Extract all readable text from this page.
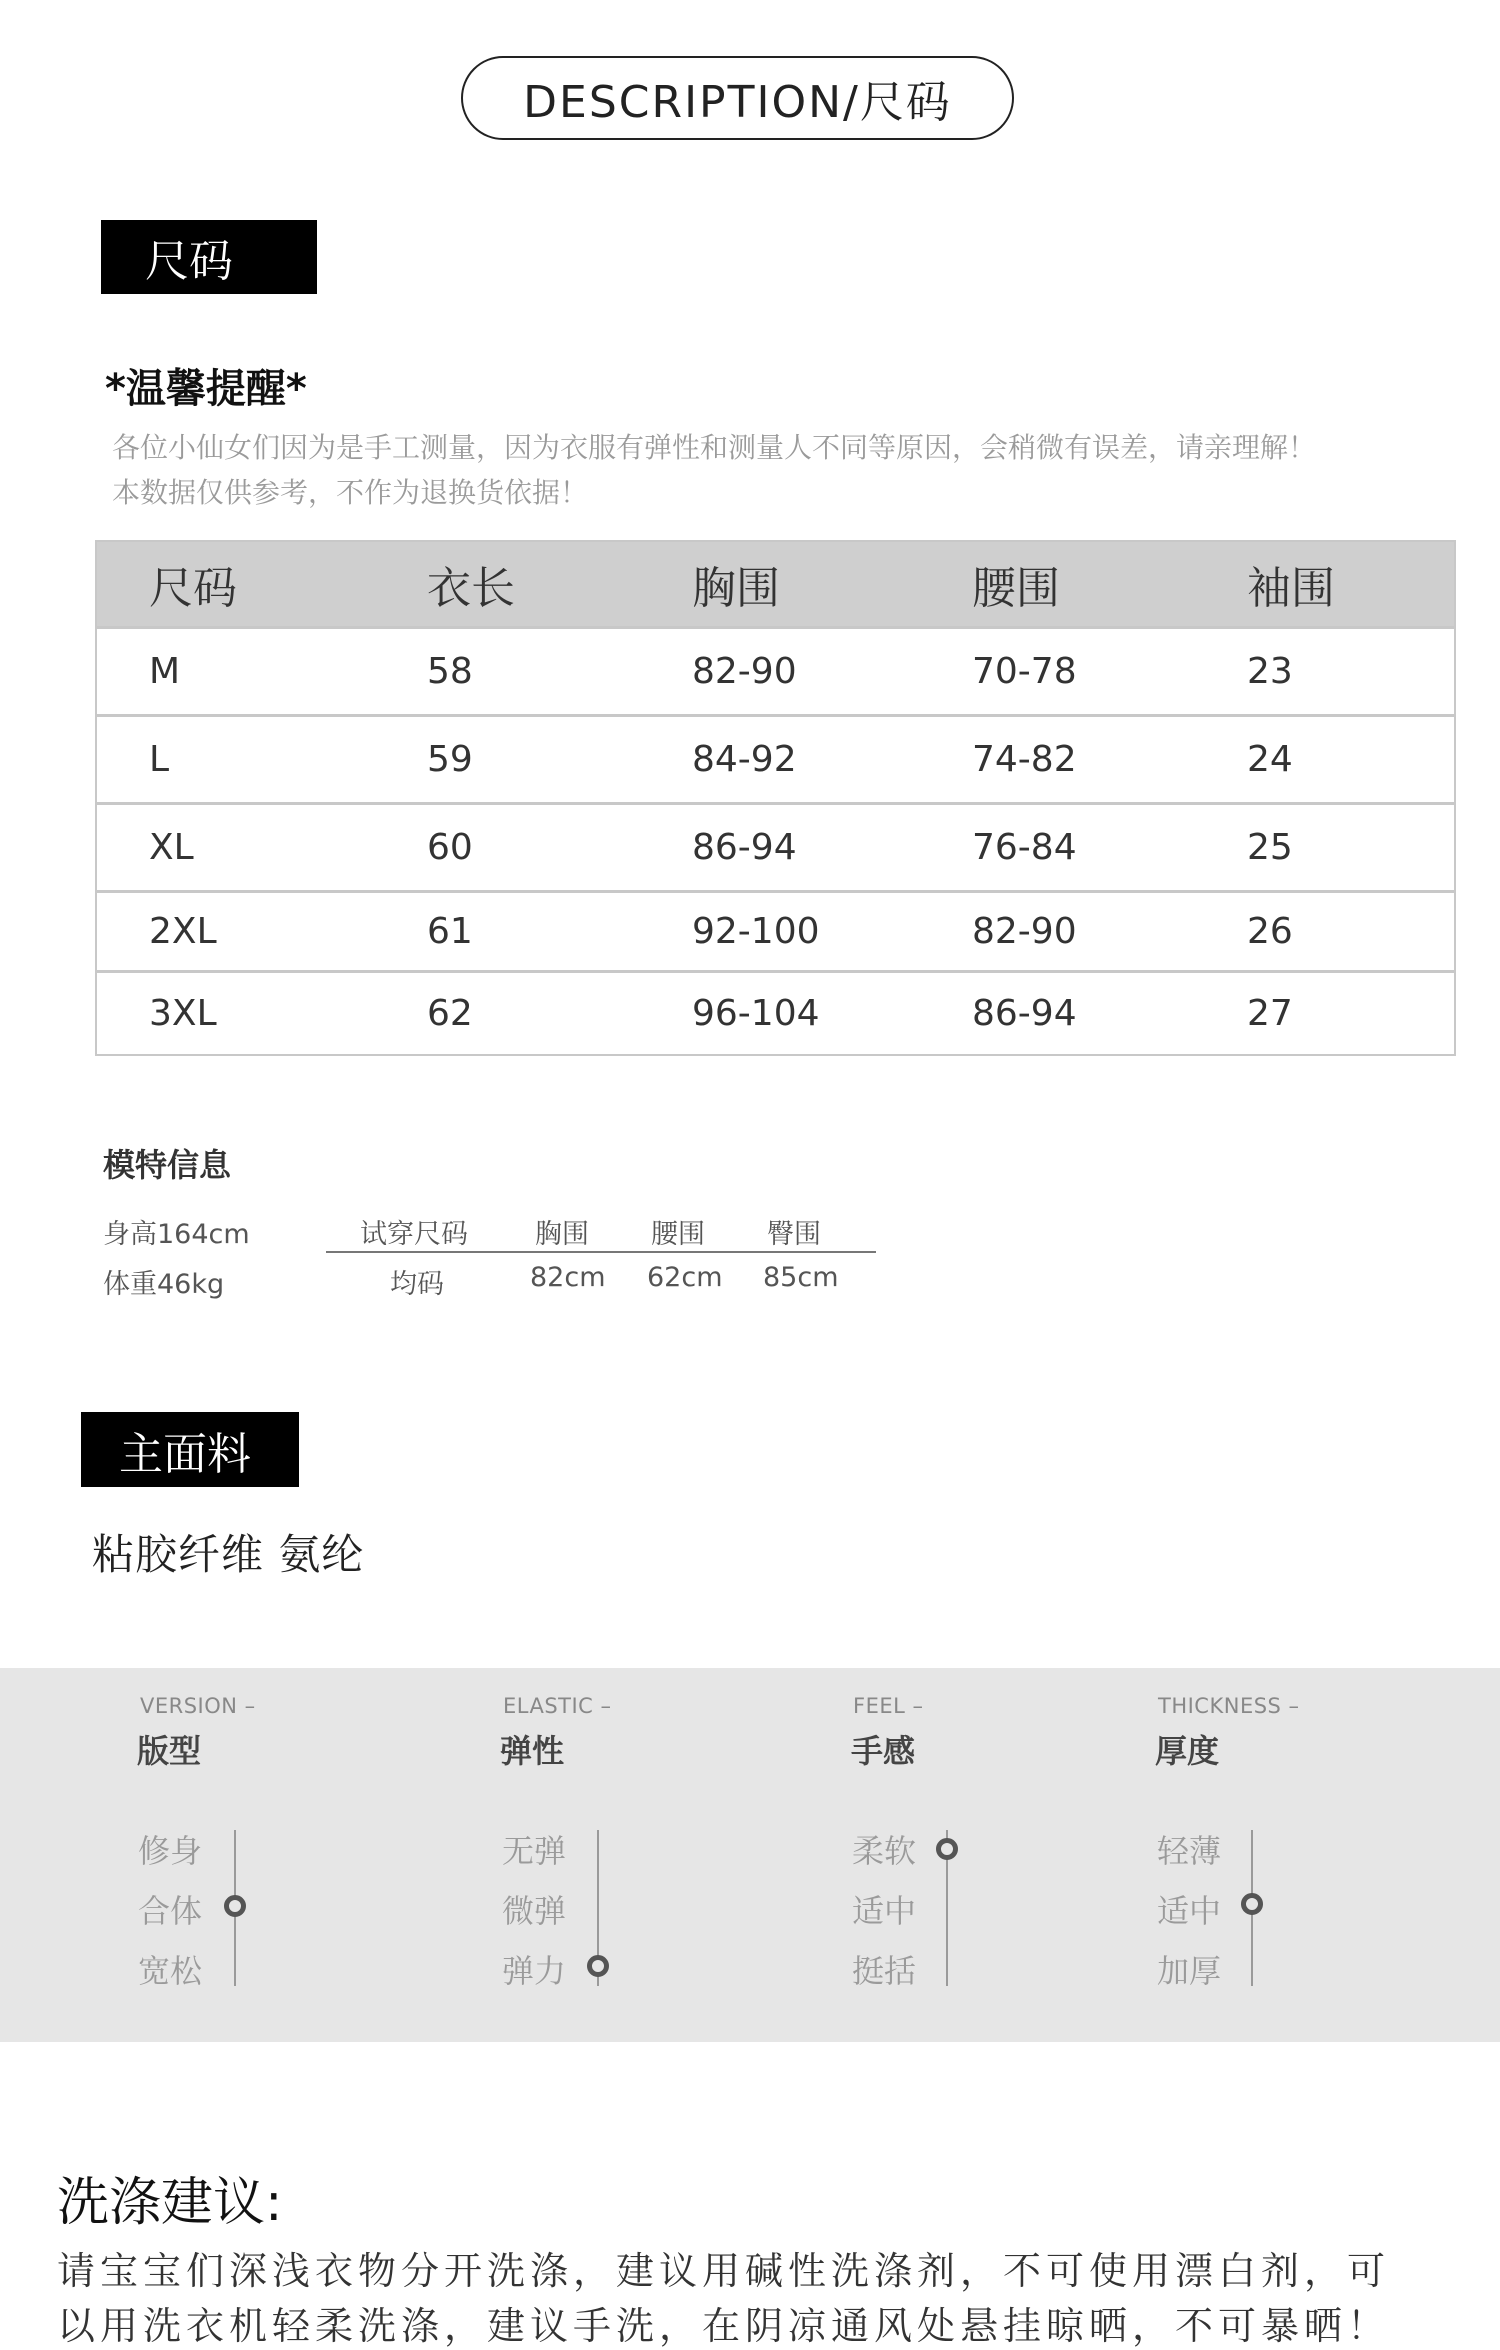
DESCRIPTION/尺码
尺码
*温馨提醒*
各位小仙女们因为是手工测量，因为衣服有弹性和测量人不同等原因，会稍微有误差，请亲理解！
本数据仅供参考，不作为退换货依据！
尺码	衣长	胸围	腰围	袖围
M	58	82-90	70-78	23
L	59	84-92	74-82	24
XL	60	86-94	76-84	25
2XL	61	92-100	82-90	26
3XL	62	96-104	86-94	27
模特信息
身高164cm
体重46kg
试穿尺码 胸围 腰围 臀围
均码	82cm 62cm 85cm
主面料
粘胶纤维 氨纶
VERSION –
版型
修身
合体
宽松
ELASTIC –
弹性
无弹
微弹
弹力
FEEL –
手感
柔软
适中
挺括
THICKNESS –
厚度
轻薄
适中
加厚
洗涤建议:
请宝宝们深浅衣物分开洗涤，建议用碱性洗涤剂，不可使用漂白剂，可
以用洗衣机轻柔洗涤，建议手洗，在阴凉通风处悬挂晾晒，不可暴晒！
